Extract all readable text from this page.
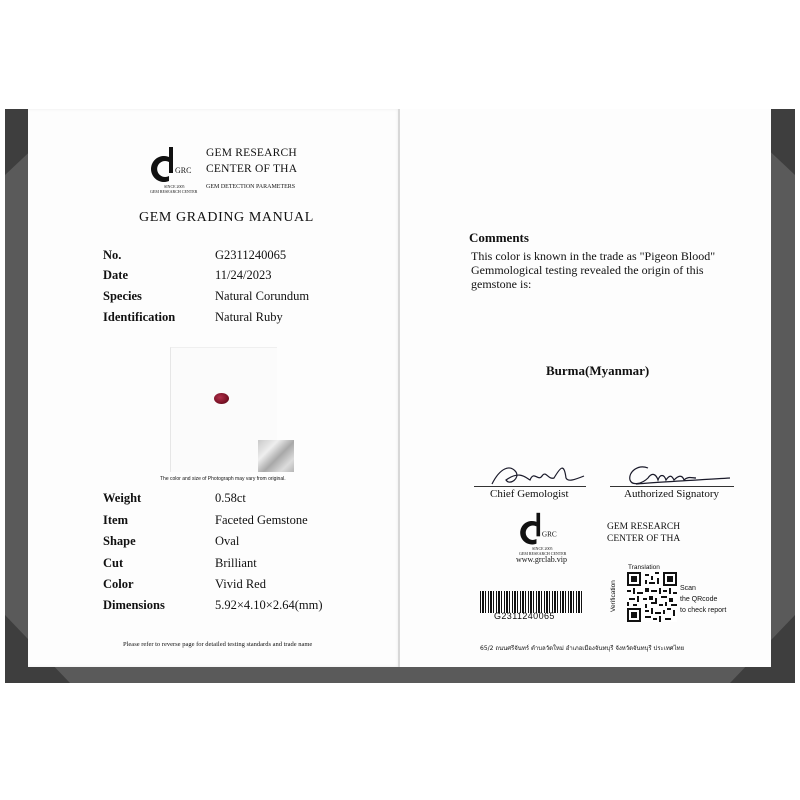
GRC
SINCE 2005
GEM RESEARCH CENTER
GEM RESEARCH
CENTER OF THA
GEM DETECTION PARAMETERS
GEM GRADING MANUAL
No.	G2311240065
Date	11/24/2023
Species	Natural Corundum
Identification	Natural Ruby
The color and size of Photograph may vary from original.
Weight	0.58ct
Item	Faceted Gemstone
Shape	Oval
Cut	Brilliant
Color	Vivid Red
Dimensions	5.92×4.10×2.64(mm)
Please refer to reverse page for detailed testing standards and trade name
Comments
This color is known in the trade as "Pigeon Blood"
Gemmological testing revealed the origin of this
gemstone is:
Burma(Myanmar)
Chief Gemologist	Authorized Signatory
GRC
SINCE 2005
GEM RESEARCH CENTER
www.grclab.vip
GEM RESEARCH
CENTER OF THA
G2311240065
Translation
Verification	Scan
the QRcode
to check report
65/2 ถนนศรีจันทร์ ตำบลวัดใหม่ อำเภอเมืองจันทบุรี จังหวัดจันทบุรี ประเทศไทย
